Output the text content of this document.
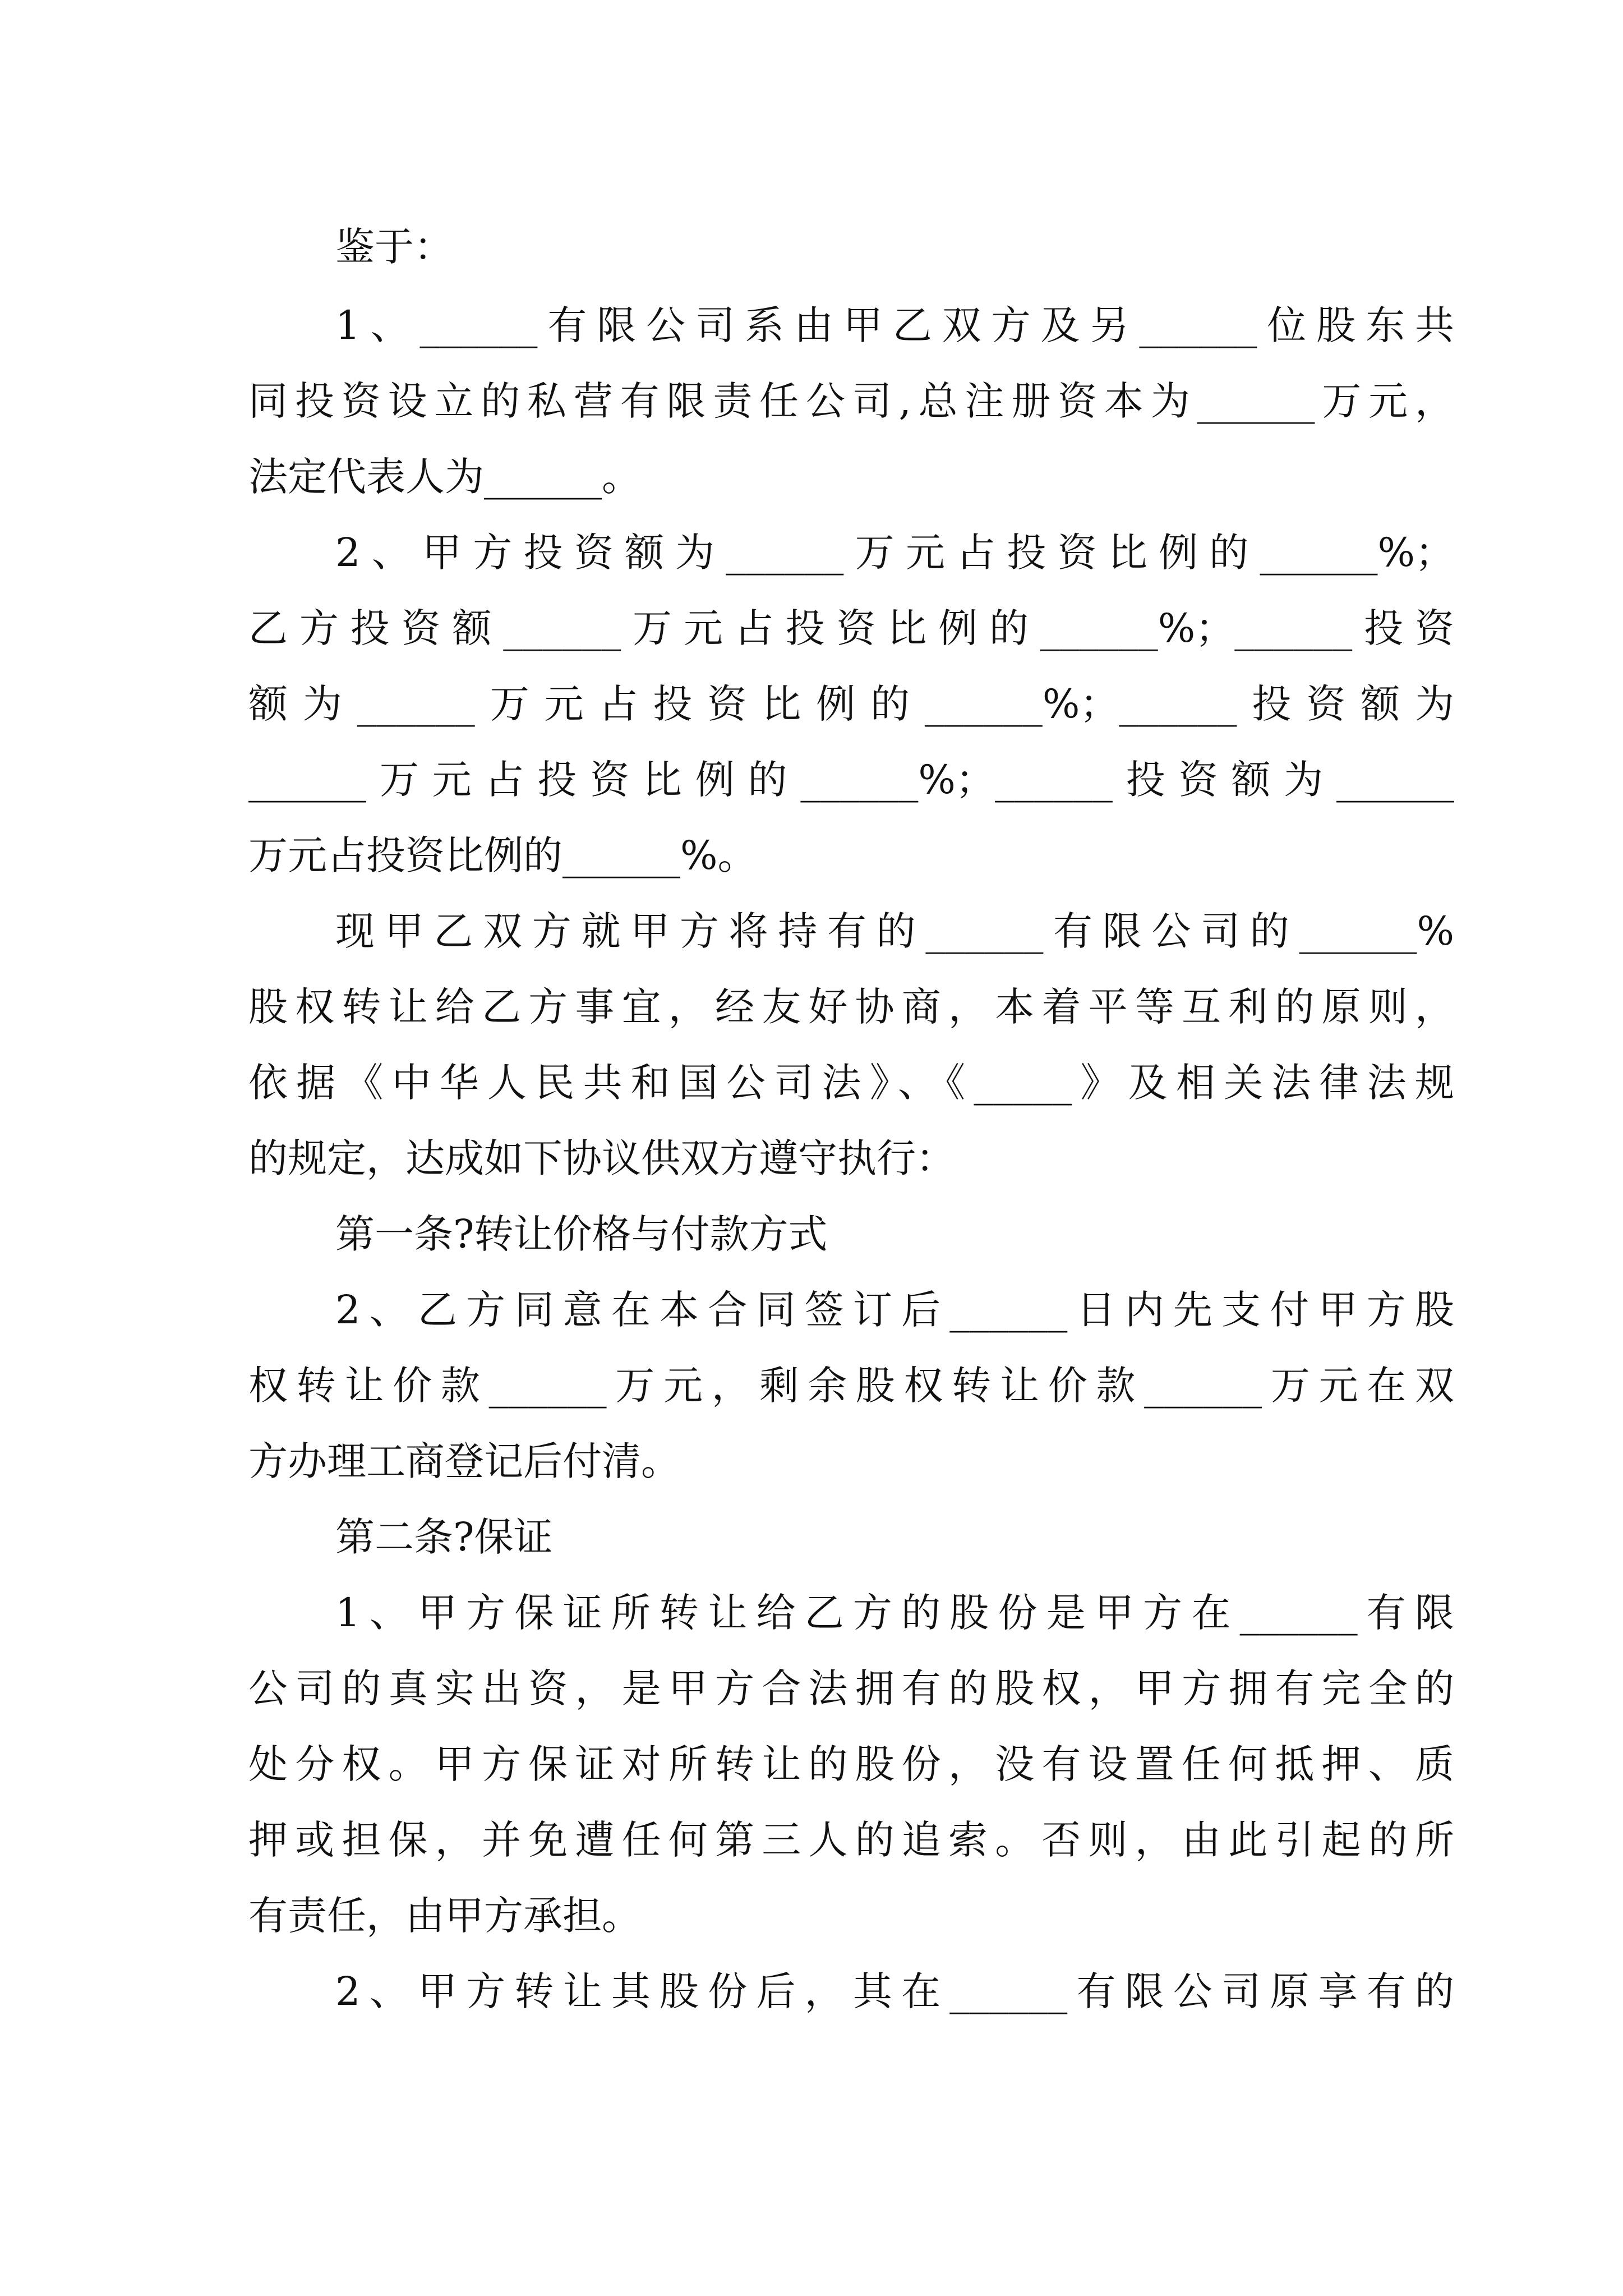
鉴于：
1、______有限公司系由甲乙双方及另______位股东共
同投资设立的私营有限责任公司,总注册资本为______万元，
法定代表人为______。
2、甲方投资额为______万元占投资比例的______%；
乙方投资额______万元占投资比例的______%；______投资
额为______万元占投资比例的______%；______投资额为
______万元占投资比例的______%；______投资额为______
万元占投资比例的______%。
现甲乙双方就甲方将持有的______有限公司的______%
股权转让给乙方事宜，经友好协商，本着平等互利的原则，
依据《中华人民共和国公司法》、《_____》及相关法律法规
的规定，达成如下协议供双方遵守执行：
第一条?转让价格与付款方式
2、乙方同意在本合同签订后______日内先支付甲方股
权转让价款______万元，剩余股权转让价款______万元在双
方办理工商登记后付清。
第二条?保证
1、甲方保证所转让给乙方的股份是甲方在______有限
公司的真实出资，是甲方合法拥有的股权，甲方拥有完全的
处分权。甲方保证对所转让的股份，没有设置任何抵押、质
押或担保，并免遭任何第三人的追索。否则，由此引起的所
有责任，由甲方承担。
2、甲方转让其股份后，其在______有限公司原享有的
